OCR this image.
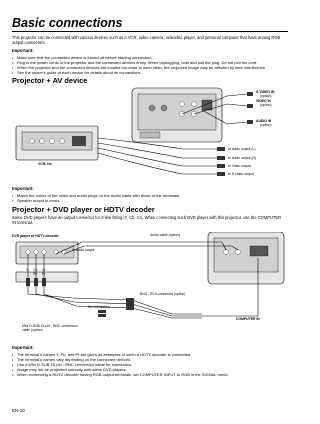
Basic connections
This projector can be connected with various devices such as a VCR, video camera, videodisc player, and personal computer that have analog RGB output connectors.
Important:
• Make sure that the connected device is turned off before starting connection.
• Plug in the power cords of the projector and the connected devices firmly. When unplugging, hold and pull the plug. Do not pull the cord.
• When the projector and the connected devices are located too close to each other, the projected image may be affected by their interference.
• See the owner's guide of each device for details about its connections.
Projector + AV device
S-VIDEO IN
(option)
VIDEO IN
(option)
AUDIO IN
(option)
VCR, etc.
to audio output (L)
to audio output (R)
to Video output
to S-video output
Important:
• Match the colors of the video and audio plugs on the Audio cable with those of the terminals.
• Speaker output is mono.
Projector + DVD player or HDTV decoder
Some DVD players have an output connector for 3-line fitting (Y, Cb, Cr). When connecting such DVD player with this projector, use the COMPUTER IN terminal.
DVD player or HDTV decoder	Audio cable (option)
to audio output
Y Cb
Pb
Cr
Pr
BNC - RCA connector (option)
No connection
Mini D-SUB 15-pin - BNC conversion
cable (option)
COMPUTER IN
Important:
• The terminal's names Y, Pb, and Pr are given as examples of when a HDTV decoder is connected.
• The terminal's names vary depending on the connected devices.
• Use a Mini D-SUB 15-pin - BNC conversion cable for connection.
• Image may not be projected correctly with some DVD players.
• When connecting a HDTV decoder having RGB output terminals, set COMPUTER INPUT to RGB in the SIGNAL menu.
EN-10
